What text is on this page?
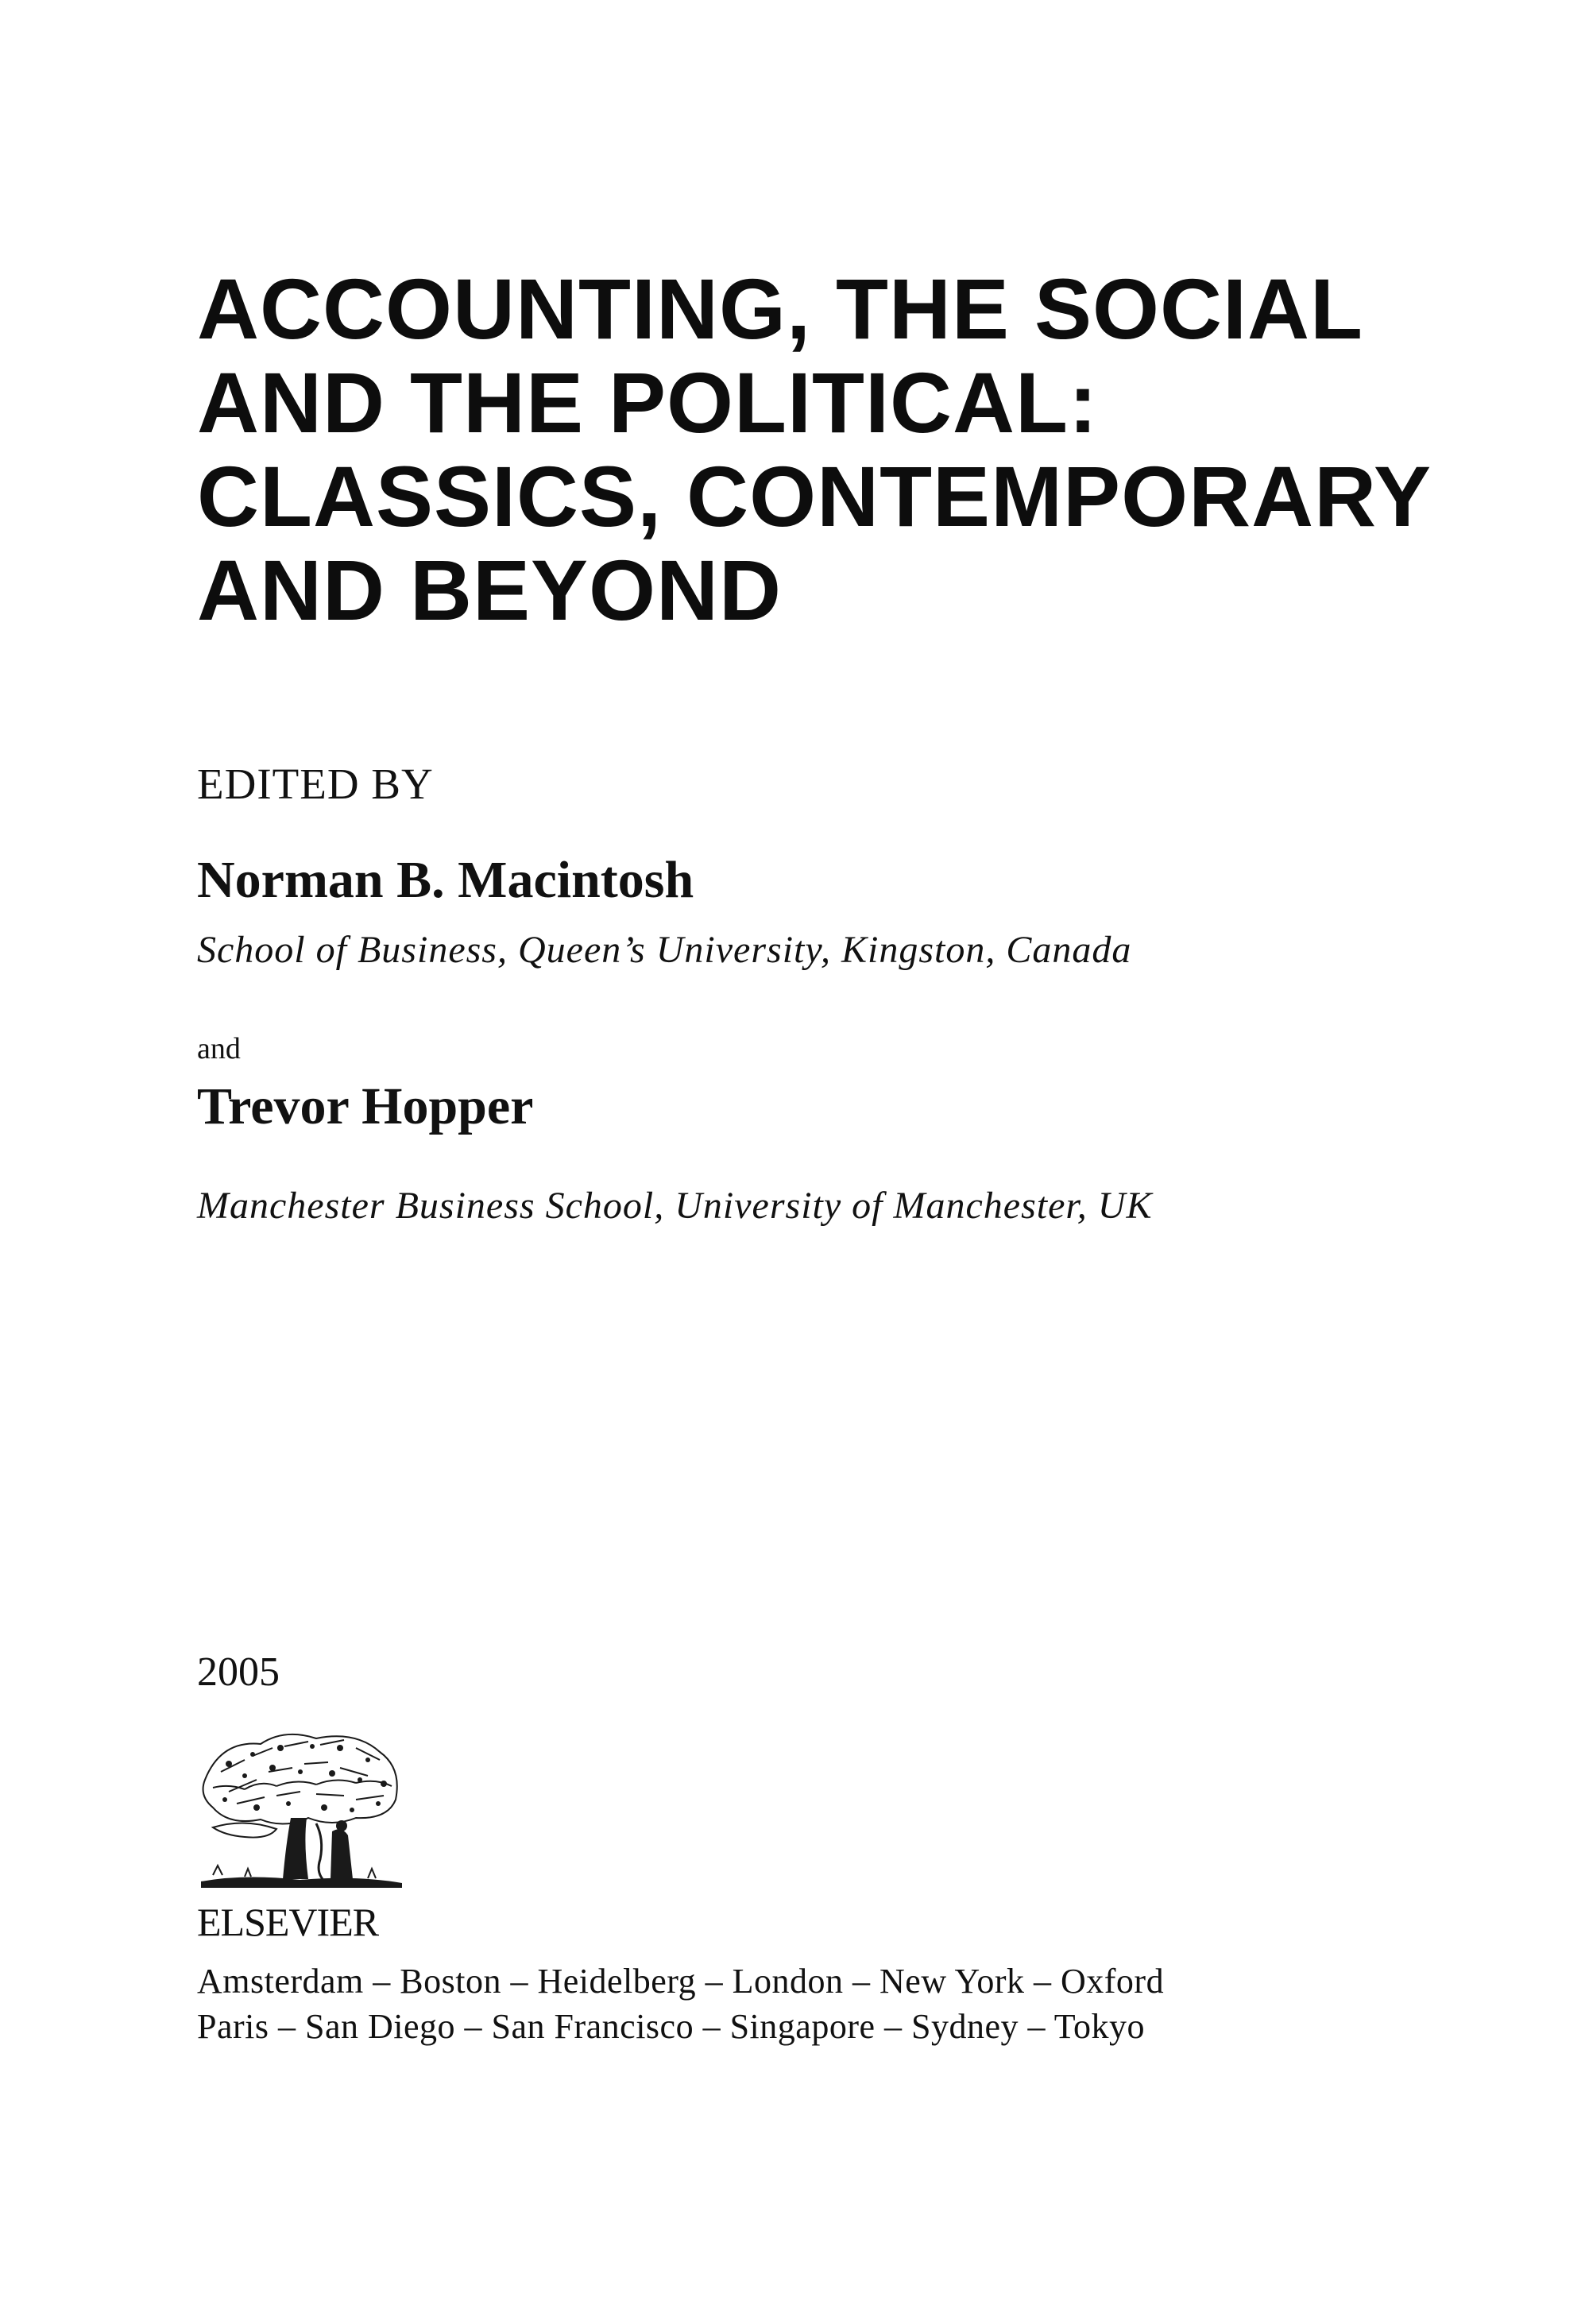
ACCOUNTING, THE SOCIAL
AND THE POLITICAL:
CLASSICS, CONTEMPORARY
AND BEYOND
EDITED BY
Norman B. Macintosh
School of Business, Queen’s University, Kingston, Canada
and
Trevor Hopper
Manchester Business School, University of Manchester, UK
2005
ELSEVIER
Amsterdam – Boston – Heidelberg – London – New York – Oxford
Paris – San Diego – San Francisco – Singapore – Sydney – Tokyo
